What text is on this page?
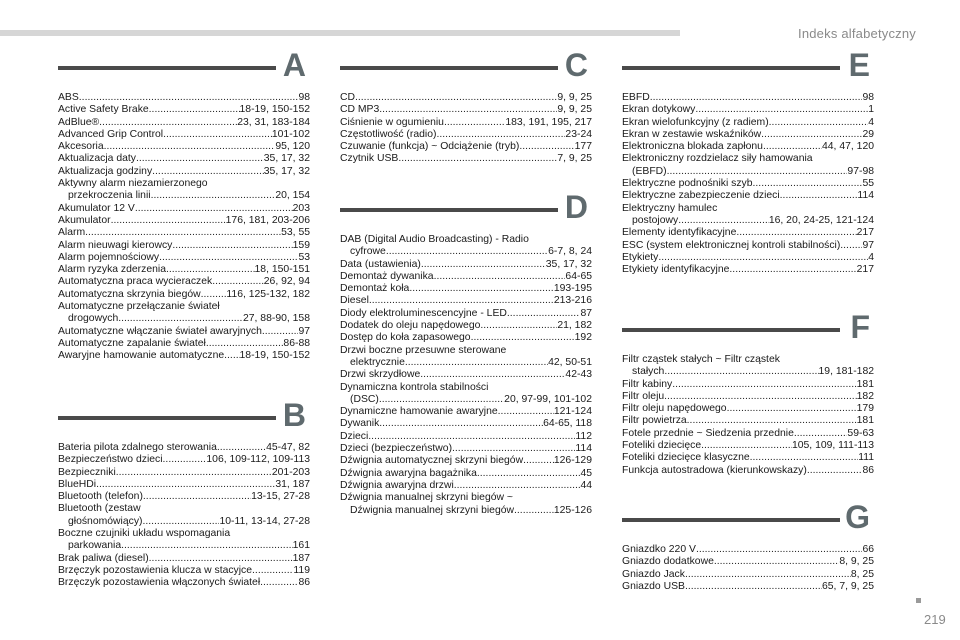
Indeks alfabetyczny
A
ABS .....	98
Active Safety Brake .....	18-19, 150-152
AdBlue® .....	23, 31, 183-184
Advanced Grip Control .....	101-102
Akcesoria .....	95, 120
Aktualizacja daty .....	35, 17, 32
Aktualizacja godziny .....	35, 17, 32
Aktywny alarm niezamierzonego
przekroczenia linii .....	20, 154
Akumulator 12 V .....	203
Akumulator .....	176, 181, 203-206
Alarm .....	53, 55
Alarm nieuwagi kierowcy .....	159
Alarm pojemnościowy .....	53
Alarm ryzyka zderzenia .....	18, 150-151
Automatyczna praca wycieraczek .....	26, 92, 94
Automatyczna skrzynia biegów ..... 116, 125-132, 182
Automatyczne przełączanie świateł
drogowych .....	27, 88-90, 158
Automatyczne włączanie świateł awaryjnych .....	97
Automatyczne zapalanie świateł .....	86-88
Awaryjne hamowanie automatyczne ..... 18-19, 150-152
B
Bateria pilota zdalnego sterowania .....	45-47, 82
Bezpieczeństwo dzieci .....	106, 109-112, 109-113
Bezpieczniki .....	201-203
BlueHDi .....	31, 187
Bluetooth (telefon) .....	13-15, 27-28
Bluetooth (zestaw
głośnomówiący) .....	10-11, 13-14, 27-28
Boczne czujniki układu wspomagania
parkowania .....	161
Brak paliwa (diesel) .....	187
Brzęczyk pozostawienia klucza w stacyjce .....	119
Brzęczyk pozostawienia włączonych świateł .....	86
C
CD .....	9, 9, 25
CD MP3 .....	9, 9, 25
Ciśnienie w ogumieniu .....	183, 191, 195, 217
Częstotliwość (radio) .....	23-24
Czuwanie (funkcja) ~ Odciążenie (tryb) .....	177
Czytnik USB .....	7, 9, 25
D
DAB (Digital Audio Broadcasting) - Radio
cyfrowe .....	6-7, 8, 24
Data (ustawienia) .....	35, 17, 32
Demontaż dywanika .....	64-65
Demontaż koła .....	193-195
Diesel .....	213-216
Diody elektroluminescencyjne - LED .....	87
Dodatek do oleju napędowego .....	21, 182
Dostęp do koła zapasowego .....	192
Drzwi boczne przesuwne sterowane
elektrycznie .....	42, 50-51
Drzwi skrzydłowe .....	42-43
Dynamiczna kontrola stabilności
(DSC) .....	20, 97-99, 101-102
Dynamiczne hamowanie awaryjne .....	121-124
Dywanik .....	64-65, 118
Dzieci .....	112
Dzieci (bezpieczeństwo) .....	114
Dźwignia automatycznej skrzyni biegów .....	126-129
Dźwignia awaryjna bagażnika .....	45
Dźwignia awaryjna drzwi .....	44
Dźwignia manualnej skrzyni biegów ~
Dźwignia manualnej skrzyni biegów .....	125-126
E
EBFD .....	98
Ekran dotykowy .....	1
Ekran wielofunkcyjny (z radiem) .....	4
Ekran w zestawie wskaźników .....	29
Elektroniczna blokada zapłonu .....	44, 47, 120
Elektroniczny rozdzielacz siły hamowania
(EBFD) .....	97-98
Elektryczne podnośniki szyb .....	55
Elektryczne zabezpieczenie dzieci .....	114
Elektryczny hamulec
postojowy .....	16, 20, 24-25, 121-124
Elementy identyfikacyjne .....	217
ESC (system elektronicznej kontroli stabilności) ..... 97
Etykiety .....	4
Etykiety identyfikacyjne .....	217
F
Filtr cząstek stałych ~ Filtr cząstek
stałych .....	19, 181-182
Filtr kabiny .....	181
Filtr oleju .....	182
Filtr oleju napędowego .....	179
Filtr powietrza .....	181
Fotele przednie ~ Siedzenia przednie .....	59-63
Foteliki dziecięce .....	105, 109, 111-113
Foteliki dziecięce klasyczne .....	111
Funkcja autostradowa (kierunkowskazy) .....	86
G
Gniazdko 220 V .....	66
Gniazdo dodatkowe .....	8, 9, 25
Gniazdo Jack .....	8, 25
Gniazdo USB .....	65, 7, 9, 25
219
